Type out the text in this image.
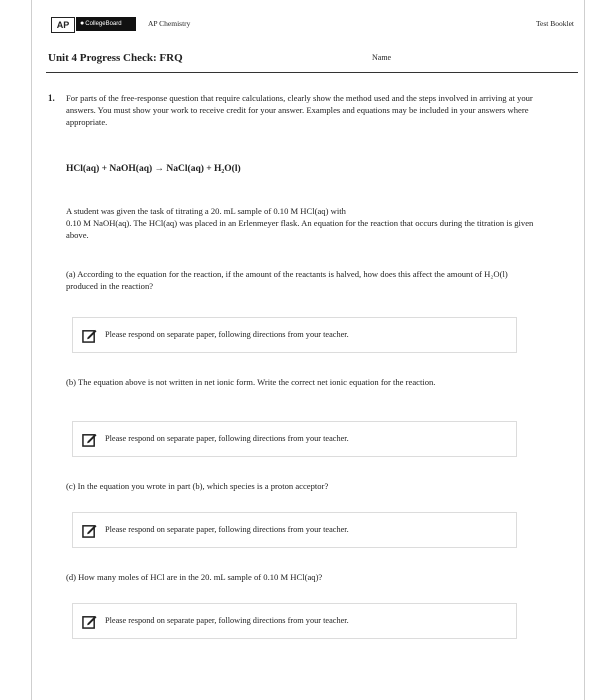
AP	●CollegeBoard	AP Chemistry	Test Booklet
Unit 4 Progress Check: FRQ	Name
1. For parts of the free-response question that require calculations, clearly show the method used and the steps involved in arriving at your answers. You must show your work to receive credit for your answer. Examples and equations may be included in your answers where appropriate.
HCl(aq) + NaOH(aq) → NaCl(aq) + H₂O(l)
A student was given the task of titrating a 20. mL sample of 0.10 M HCl(aq) with
0.10 M NaOH(aq). The HCl(aq) was placed in an Erlenmeyer flask. An equation for the reaction that occurs during the titration is given above.
(a) According to the equation for the reaction, if the amount of the reactants is halved, how does this affect the amount of H₂O(l) produced in the reaction?
Please respond on separate paper, following directions from your teacher.
(b) The equation above is not written in net ionic form. Write the correct net ionic equation for the reaction.
Please respond on separate paper, following directions from your teacher.
(c) In the equation you wrote in part (b), which species is a proton acceptor?
Please respond on separate paper, following directions from your teacher.
(d) How many moles of HCl are in the 20. mL sample of 0.10 M HCl(aq)?
Please respond on separate paper, following directions from your teacher.
